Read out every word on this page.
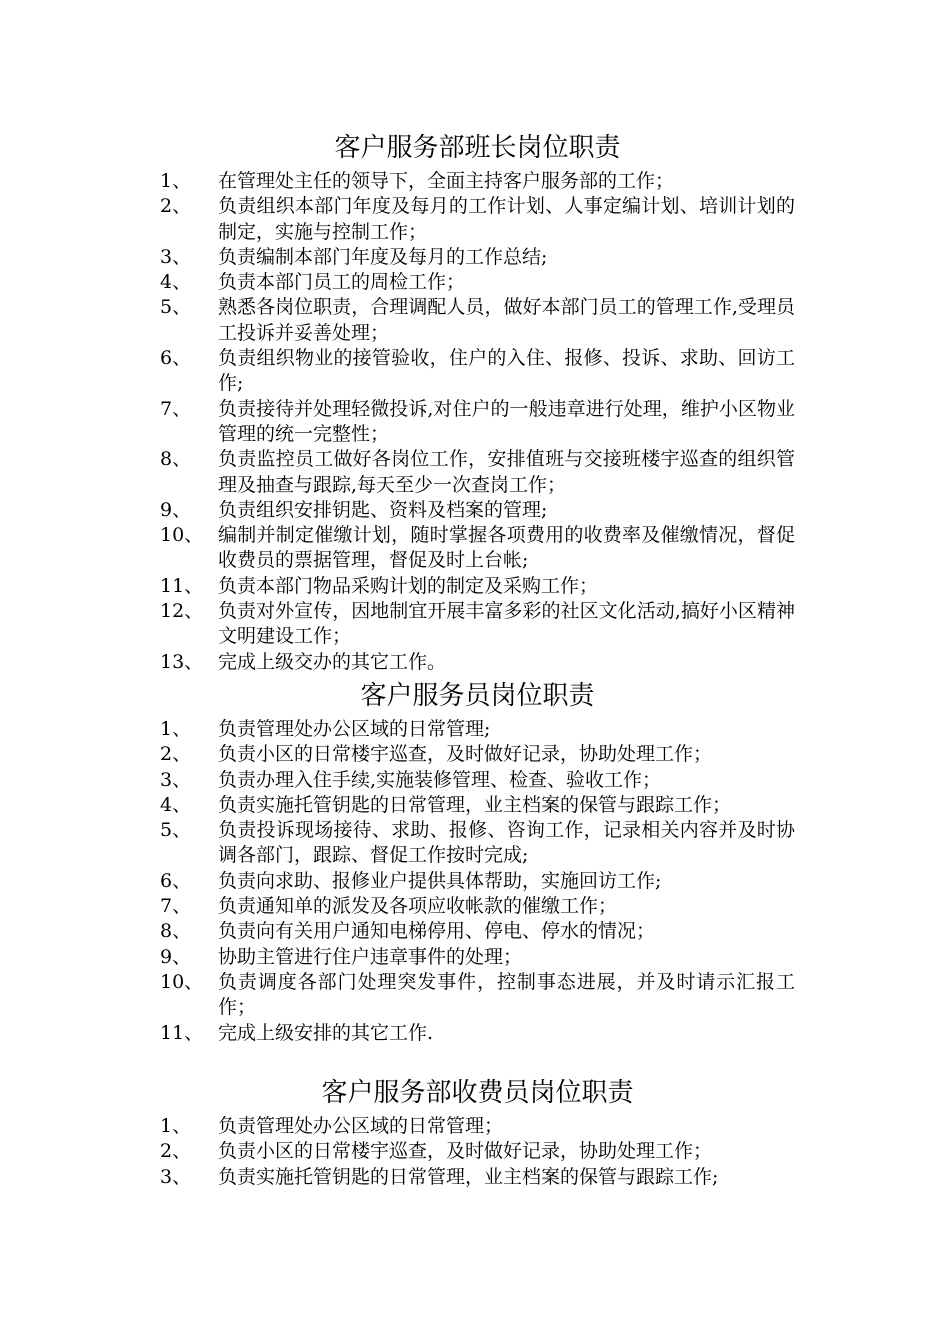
客户服务部班长岗位职责
1、	在管理处主任的领导下，全面主持客户服务部的工作；
2、	负责组织本部门年度及每月的工作计划、人事定编计划、培训计划的制定，实施与控制工作；
3、	负责编制本部门年度及每月的工作总结;
4、	负责本部门员工的周检工作；
5、	熟悉各岗位职责，合理调配人员，做好本部门员工的管理工作,受理员工投诉并妥善处理；
6、	负责组织物业的接管验收，住户的入住、报修、投诉、求助、回访工作;
7、	负责接待并处理轻微投诉,对住户的一般违章进行处理，维护小区物业管理的统一完整性；
8、	负责监控员工做好各岗位工作，安排值班与交接班楼宇巡查的组织管理及抽查与跟踪,每天至少一次查岗工作；
9、	负责组织安排钥匙、资料及档案的管理;
10、 编制并制定催缴计划，随时掌握各项费用的收费率及催缴情况，督促收费员的票据管理，督促及时上台帐;
11、 负责本部门物品采购计划的制定及采购工作；
12、 负责对外宣传，因地制宜开展丰富多彩的社区文化活动,搞好小区精神文明建设工作；
13、 完成上级交办的其它工作。
客户服务员岗位职责
1、	负责管理处办公区域的日常管理;
2、	负责小区的日常楼宇巡查，及时做好记录，协助处理工作；
3、	负责办理入住手续,实施装修管理、检查、验收工作；
4、	负责实施托管钥匙的日常管理，业主档案的保管与跟踪工作；
5、	负责投诉现场接待、求助、报修、咨询工作，记录相关内容并及时协调各部门，跟踪、督促工作按时完成;
6、	负责向求助、报修业户提供具体帮助，实施回访工作;
7、	负责通知单的派发及各项应收帐款的催缴工作；
8、	负责向有关用户通知电梯停用、停电、停水的情况；
9、	协助主管进行住户违章事件的处理；
10、 负责调度各部门处理突发事件，控制事态进展，并及时请示汇报工作；
11、 完成上级安排的其它工作.
客户服务部收费员岗位职责
1、	负责管理处办公区域的日常管理；
2、	负责小区的日常楼宇巡查，及时做好记录，协助处理工作；
3、	负责实施托管钥匙的日常管理，业主档案的保管与跟踪工作;
